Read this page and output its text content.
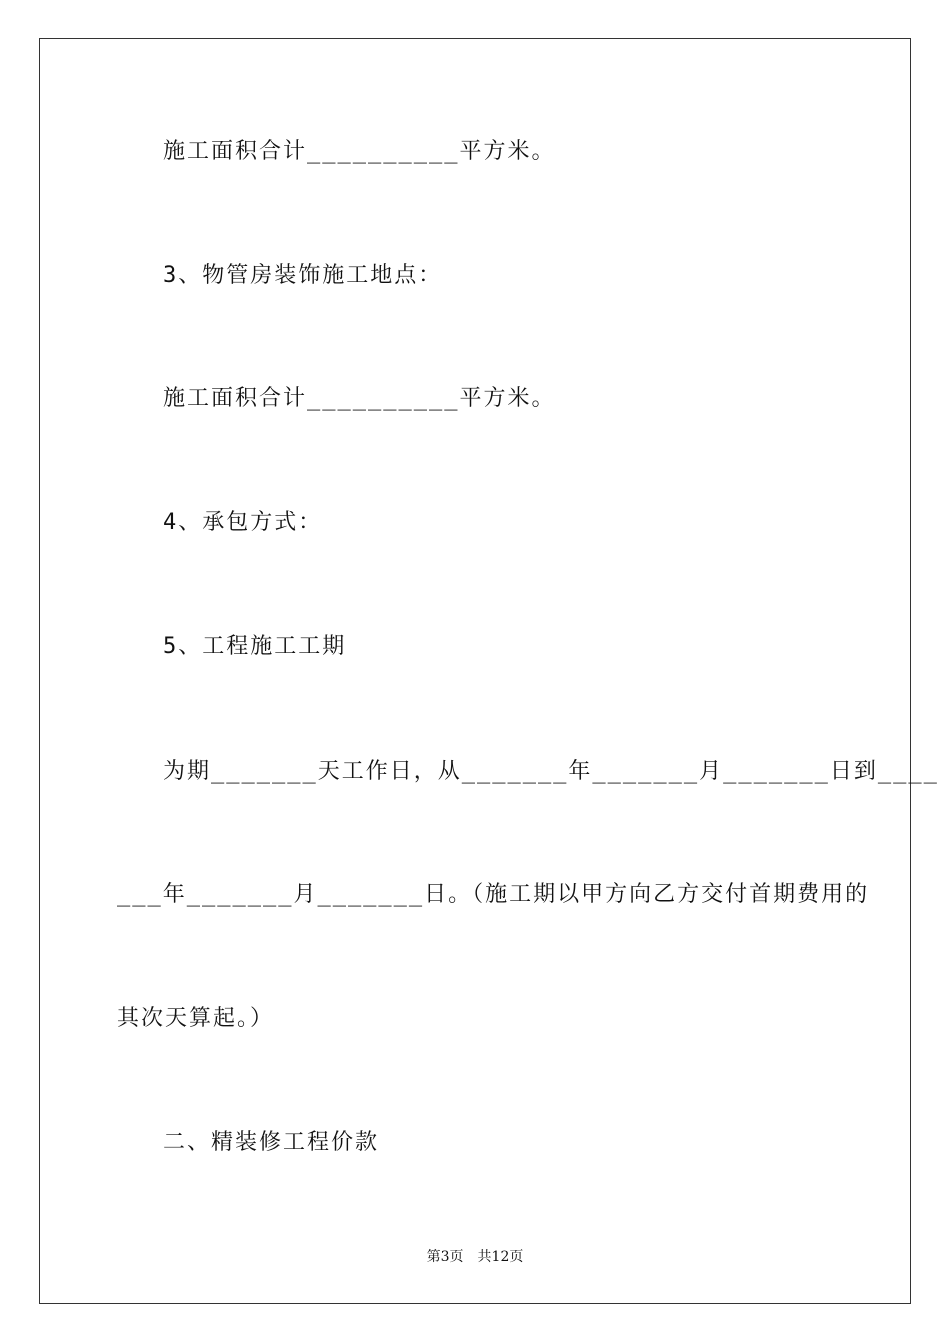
施工面积合计__________平方米。
3、物管房装饰施工地点：
施工面积合计__________平方米。
4、承包方式：
5、工程施工工期
为期_______天工作日，从_______年_______月_______日到____
___年_______月_______日。（施工期以甲方向乙方交付首期费用的
其次天算起。）
二、精装修工程价款
第3页　共12页
